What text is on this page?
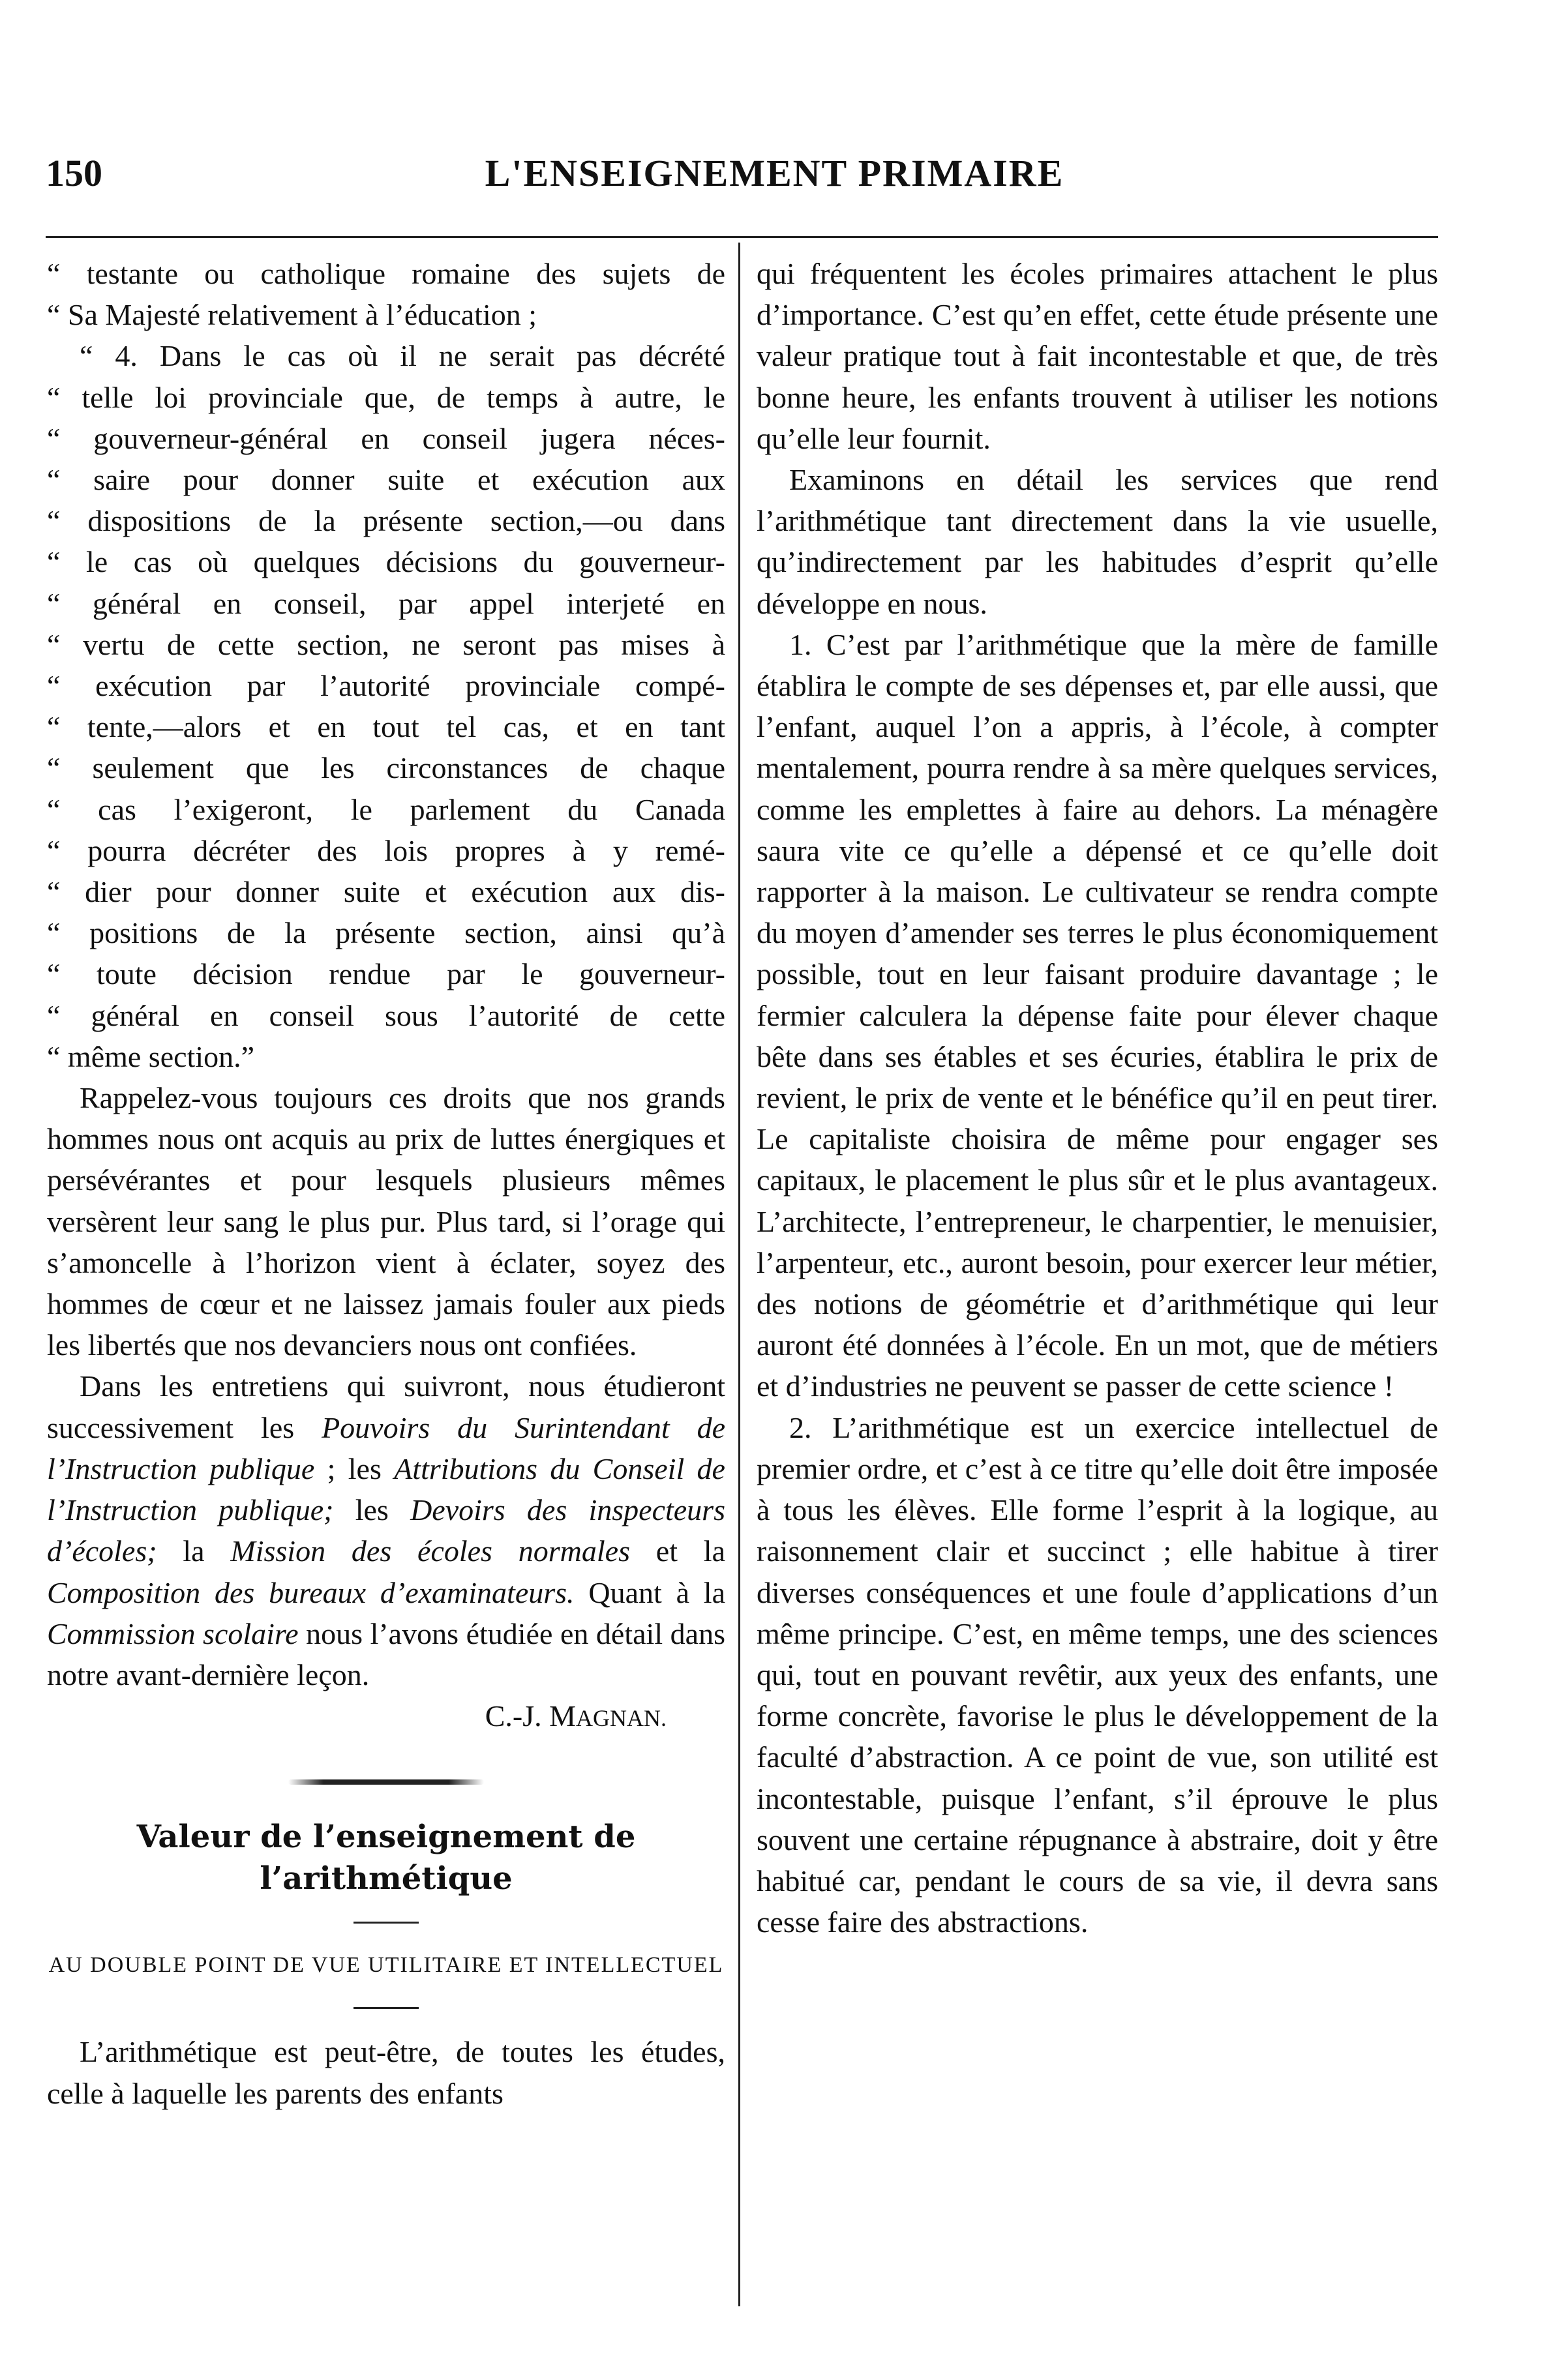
150	L'ENSEIGNEMENT PRIMAIRE

“ testante ou catholique romaine des sujets de

“ Sa Majesté relativement à l’éducation ;

“ 4. Dans le cas où il ne serait pas décrété

“ telle loi provinciale que, de temps à autre, le

“ gouverneur-général en conseil jugera néces-

“ saire pour donner suite et exécution aux

“ dispositions de la présente section,—ou dans

“ le cas où quelques décisions du gouverneur-

“ général en conseil, par appel interjeté en

“ vertu de cette section, ne seront pas mises à

“ exécution par l’autorité provinciale compé-

“ tente,—alors et en tout tel cas, et en tant

“ seulement que les circonstances de chaque

“ cas l’exigeront, le parlement du Canada

“ pourra décréter des lois propres à y remé-

“ dier pour donner suite et exécution aux dis-

“ positions de la présente section, ainsi qu’à

“ toute décision rendue par le gouverneur-

“ général en conseil sous l’autorité de cette

“ même section.”

Rappelez-vous toujours ces droits que nos grands hommes nous ont acquis au prix de luttes énergiques et persévérantes et pour lesquels plusieurs mêmes versèrent leur sang le plus pur. Plus tard, si l’orage qui s’amoncelle à l’horizon vient à éclater, soyez des hommes de cœur et ne laissez jamais fouler aux pieds les libertés que nos devanciers nous ont confiées.

Dans les entretiens qui suivront, nous étudieront successivement les Pouvoirs du Surintendant de l’Instruction publique ; les Attributions du Conseil de l’Instruction publique; les Devoirs des inspecteurs d’écoles; la Mission des écoles normales et la Composition des bureaux d’examinateurs. Quant à la Commission scolaire nous l’avons étudiée en détail dans notre avant-dernière leçon.

C.-J. MAGNAN.

Valeur de l’enseignement de l’arithmétique

AU DOUBLE POINT DE VUE UTILITAIRE ET INTELLECTUEL

L’arithmétique est peut-être, de toutes les études, celle à laquelle les parents des enfants

qui fréquentent les écoles primaires attachent le plus d’importance. C’est qu’en effet, cette étude présente une valeur pratique tout à fait incontestable et que, de très bonne heure, les enfants trouvent à utiliser les notions qu’elle leur fournit.

Examinons en détail les services que rend l’arithmétique tant directement dans la vie usuelle, qu’indirectement par les habitudes d’esprit qu’elle développe en nous.

1. C’est par l’arithmétique que la mère de famille établira le compte de ses dépenses et, par elle aussi, que l’enfant, auquel l’on a appris, à l’école, à compter mentalement, pourra rendre à sa mère quelques services, comme les emplettes à faire au dehors. La ménagère saura vite ce qu’elle a dépensé et ce qu’elle doit rapporter à la maison. Le cultivateur se rendra compte du moyen d’amender ses terres le plus économiquement possible, tout en leur faisant produire davantage ; le fermier calculera la dépense faite pour élever chaque bête dans ses étables et ses écuries, établira le prix de revient, le prix de vente et le bénéfice qu’il en peut tirer. Le capitaliste choisira de même pour engager ses capitaux, le placement le plus sûr et le plus avantageux. L’architecte, l’entrepreneur, le charpentier, le menuisier, l’arpenteur, etc., auront besoin, pour exercer leur métier, des notions de géométrie et d’arithmétique qui leur auront été données à l’école. En un mot, que de métiers et d’industries ne peuvent se passer de cette science !

2. L’arithmétique est un exercice intellectuel de premier ordre, et c’est à ce titre qu’elle doit être imposée à tous les élèves. Elle forme l’esprit à la logique, au raisonnement clair et succinct ; elle habitue à tirer diverses conséquences et une foule d’applications d’un même principe. C’est, en même temps, une des sciences qui, tout en pouvant revêtir, aux yeux des enfants, une forme concrète, favorise le plus le développement de la faculté d’abstraction. A ce point de vue, son utilité est incontestable, puisque l’enfant, s’il éprouve le plus souvent une certaine répugnance à abstraire, doit y être habitué car, pendant le cours de sa vie, il devra sans cesse faire des abstractions.
